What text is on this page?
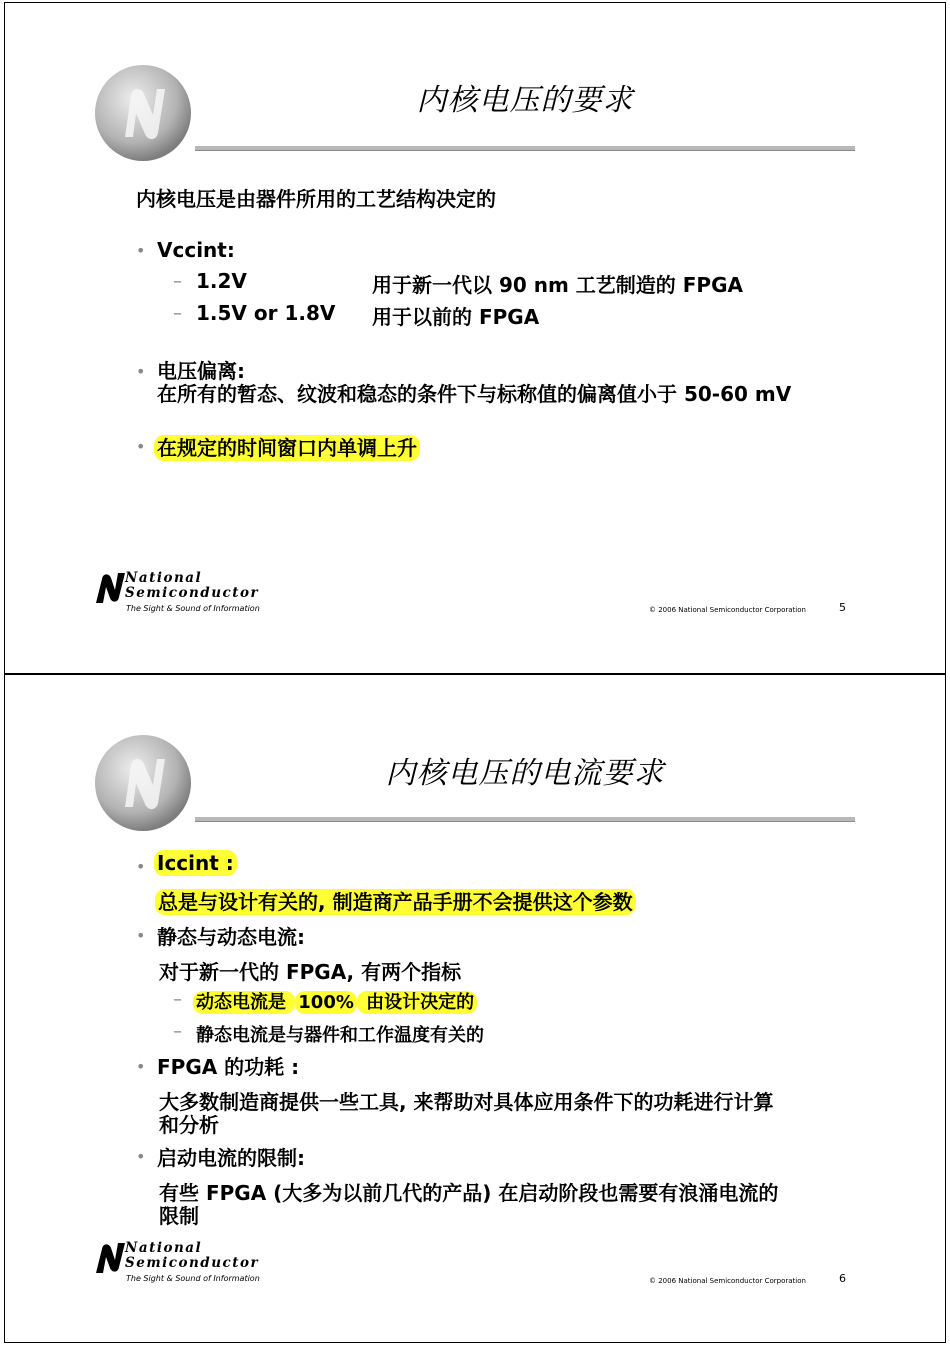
内核电压的要求
内核电压是由器件所用的工艺结构决定的
• Vccint:
– 1.2V	用于新一代以 90 nm 工艺制造的 FPGA
– 1.5V or 1.8V 用于以前的 FPGA
• 电压偏离:
在所有的暂态、纹波和稳态的条件下与标称值的偏离值小于 50-60 mV
• 在规定的时间窗口内单调上升
National
Semiconductor
The Sight & Sound of Information	© 2006 National Semiconductor Corporation	5
内核电压的电流要求
• Iccint :
总是与设计有关的, 制造商产品手册不会提供这个参数
• 静态与动态电流:
对于新一代的 FPGA, 有两个指标
– 动态电流是 100% 由设计决定的
– 静态电流是与器件和工作温度有关的
• FPGA 的功耗 :
大多数制造商提供一些工具, 来帮助对具体应用条件下的功耗进行计算
和分析
• 启动电流的限制:
有些 FPGA (大多为以前几代的产品) 在启动阶段也需要有浪涌电流的
限制
National
Semiconductor
The Sight & Sound of Information	© 2006 National Semiconductor Corporation	6
